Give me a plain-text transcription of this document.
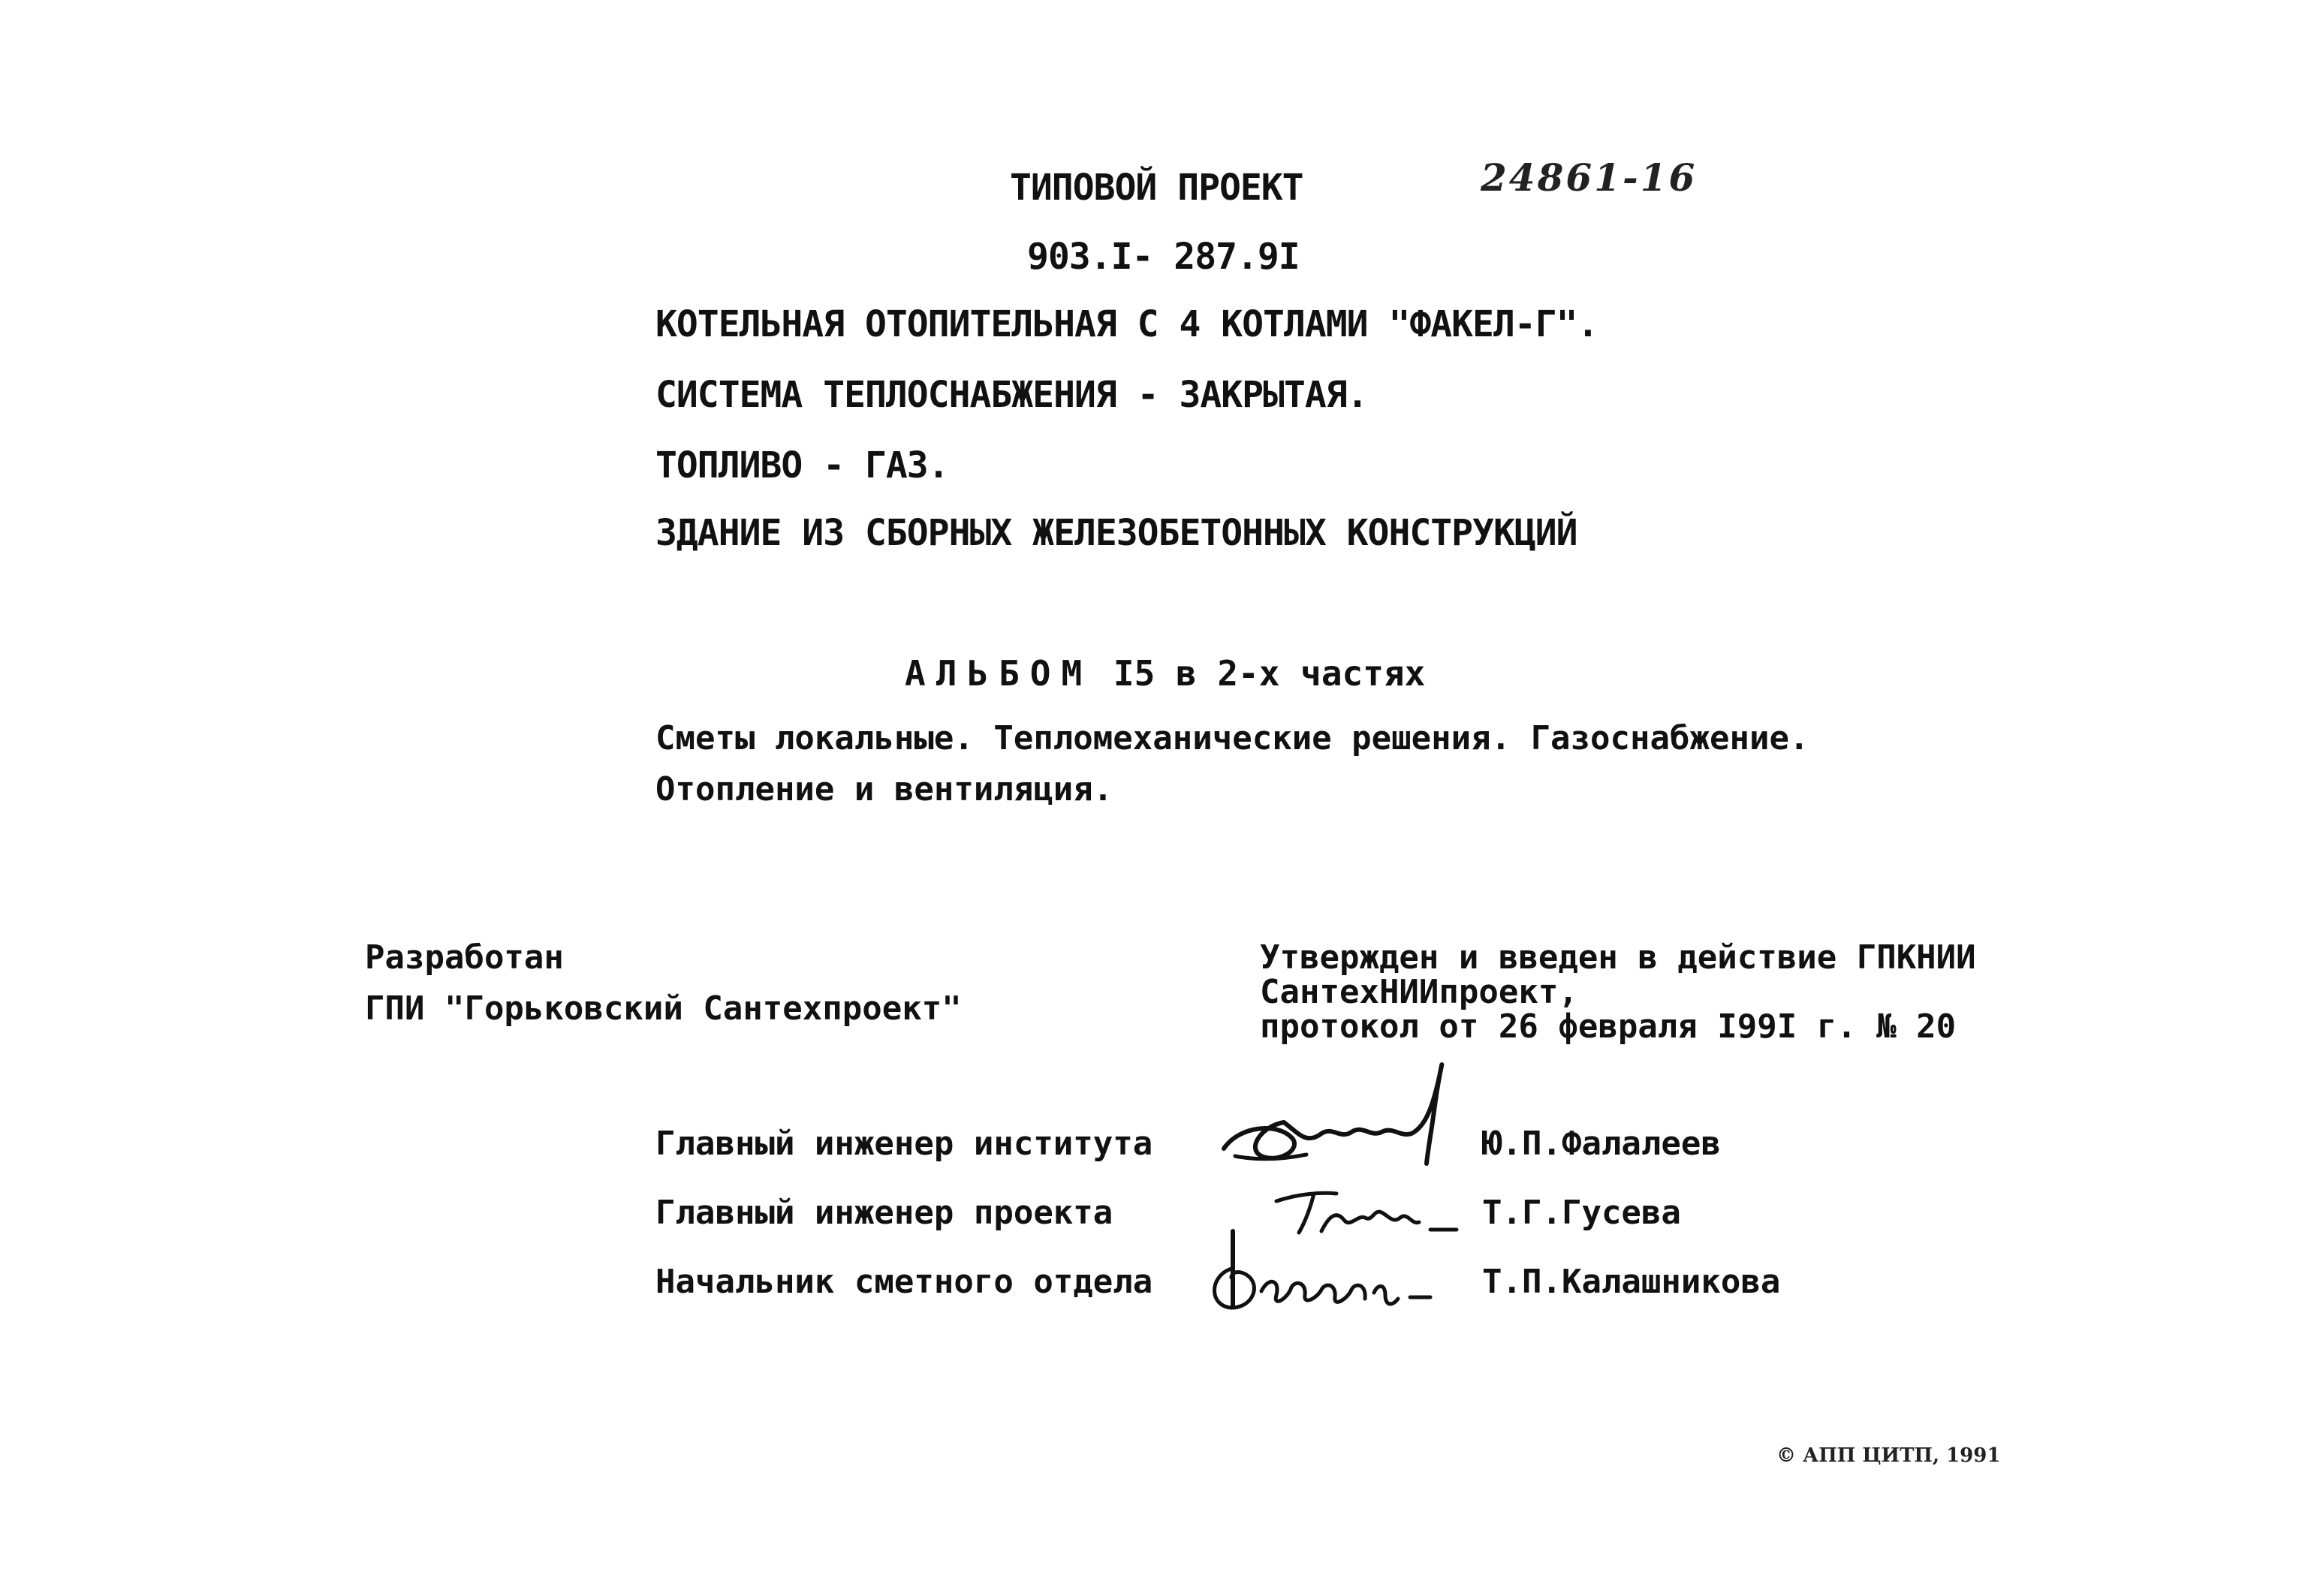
ТИПОВОЙ ПРОЕКТ	24861-16
903.I- 287.9I
КОТЕЛЬНАЯ ОТОПИТЕЛЬНАЯ С 4 КОТЛАМИ "ФАКЕЛ-Г".
СИСТЕМА ТЕПЛОСНАБЖЕНИЯ - ЗАКРЫТАЯ.
ТОПЛИВО - ГАЗ.
ЗДАНИЕ ИЗ СБОРНЫХ ЖЕЛЕЗОБЕТОННЫХ КОНСТРУКЦИЙ
АЛЬБОМ I5 в 2-х частях
Сметы локальные. Тепломеханические решения. Газоснабжение.
Отопление и вентиляция.
Разработан
ГПИ "Горьковский Сантехпроект"
Утвержден и введен в действие ГПКНИИ
СантехНИИпроект,
протокол от 26 февраля I99I г. № 20
Главный инженер института	Ю.П.Фалалеев
Главный инженер проекта	Т.Г.Гусева
Начальник сметного отдела	Т.П.Калашникова
© АПП ЦИТП, 1991
